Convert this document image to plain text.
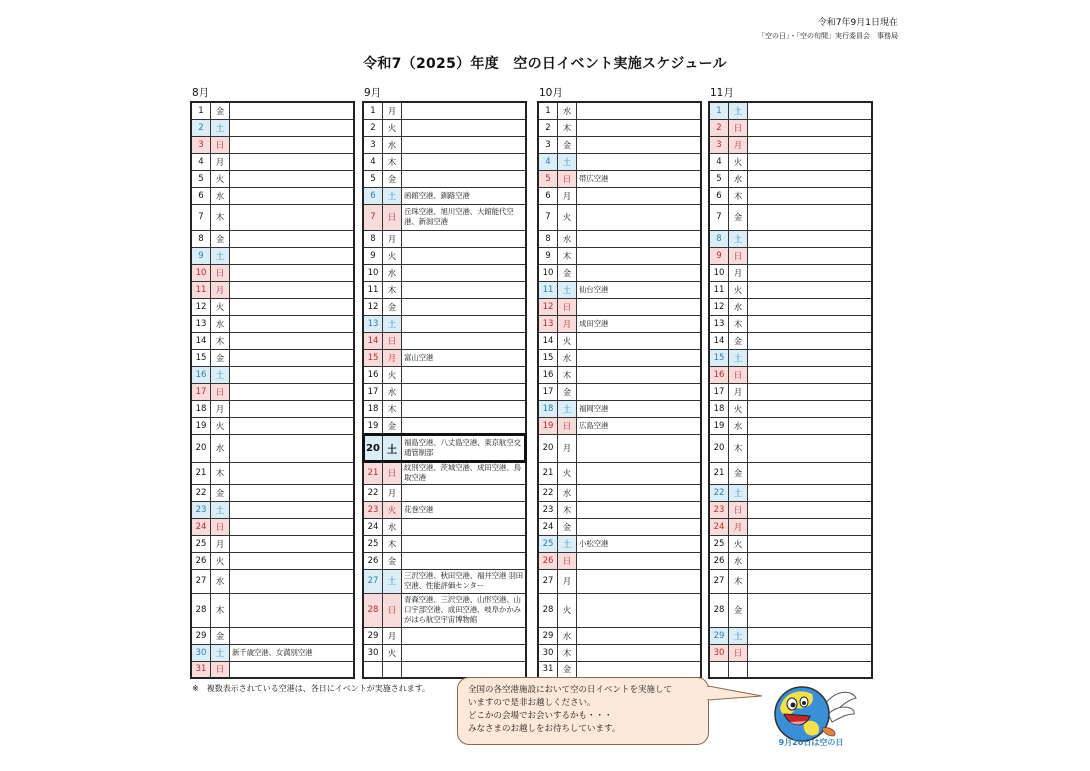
令和7年9月1日現在
「空の日」・「空の旬間」実行委員会　事務局
令和7（2025）年度　空の日イベント実施スケジュール
8月
1	金	
2	土	
3	日	
4	月	
5	火	
6	水	
7	木	
8	金	
9	土	
10	日	
11	月	
12	火	
13	水	
14	木	
15	金	
16	土	
17	日	
18	月	
19	火	
20	水	
21	木	
22	金	
23	土	
24	日	
25	月	
26	火	
27	水	
28	木	
29	金	
30	土	新千歳空港、女満別空港
31	日	
9月
1	月	
2	火	
3	水	
4	木	
5	金	
6	土	函館空港、釧路空港
7	日	丘珠空港、旭川空港、大館能代空港、新潟空港
8	月	
9	火	
10	水	
11	木	
12	金	
13	土	
14	日	
15	月	富山空港
16	火	
17	水	
18	木	
19	金	
20	土	福島空港、八丈島空港、東京航空交通管制部
21	日	紋別空港、茨城空港、成田空港、鳥取空港
22	月	
23	火	花巻空港
24	水	
25	木	
26	金	
27	土	三沢空港、秋田空港、福井空港 羽田空港、性能評価センター
28	日	青森空港、三沢空港、山形空港、山口宇部空港、成田空港、岐阜かかみがはら航空宇宙博物館
29	月	
30	火	

10月
1	水	
2	木	
3	金	
4	土	
5	日	帯広空港
6	月	
7	火	
8	水	
9	木	
10	金	
11	土	仙台空港
12	日	
13	月	成田空港
14	火	
15	水	
16	木	
17	金	
18	土	福岡空港
19	日	広島空港
20	月	
21	火	
22	水	
23	木	
24	金	
25	土	小松空港
26	日	
27	月	
28	火	
29	水	
30	木	
31	金	
11月
1	土	
2	日	
3	月	
4	火	
5	水	
6	木	
7	金	
8	土	
9	日	
10	月	
11	火	
12	水	
13	木	
14	金	
15	土	
16	日	
17	月	
18	火	
19	水	
20	木	
21	金	
22	土	
23	日	
24	月	
25	火	
26	水	
27	木	
28	金	
29	土	
30	日	

※　複数表示されている空港は、各日にイベントが実施されます。	全国の各空港施設において空の日イベントを実施して
いますので是非お越しください。
どこかの会場でお会いするかも・・・
みなさまのお越しをお待ちしています。
9月20日は空の日
